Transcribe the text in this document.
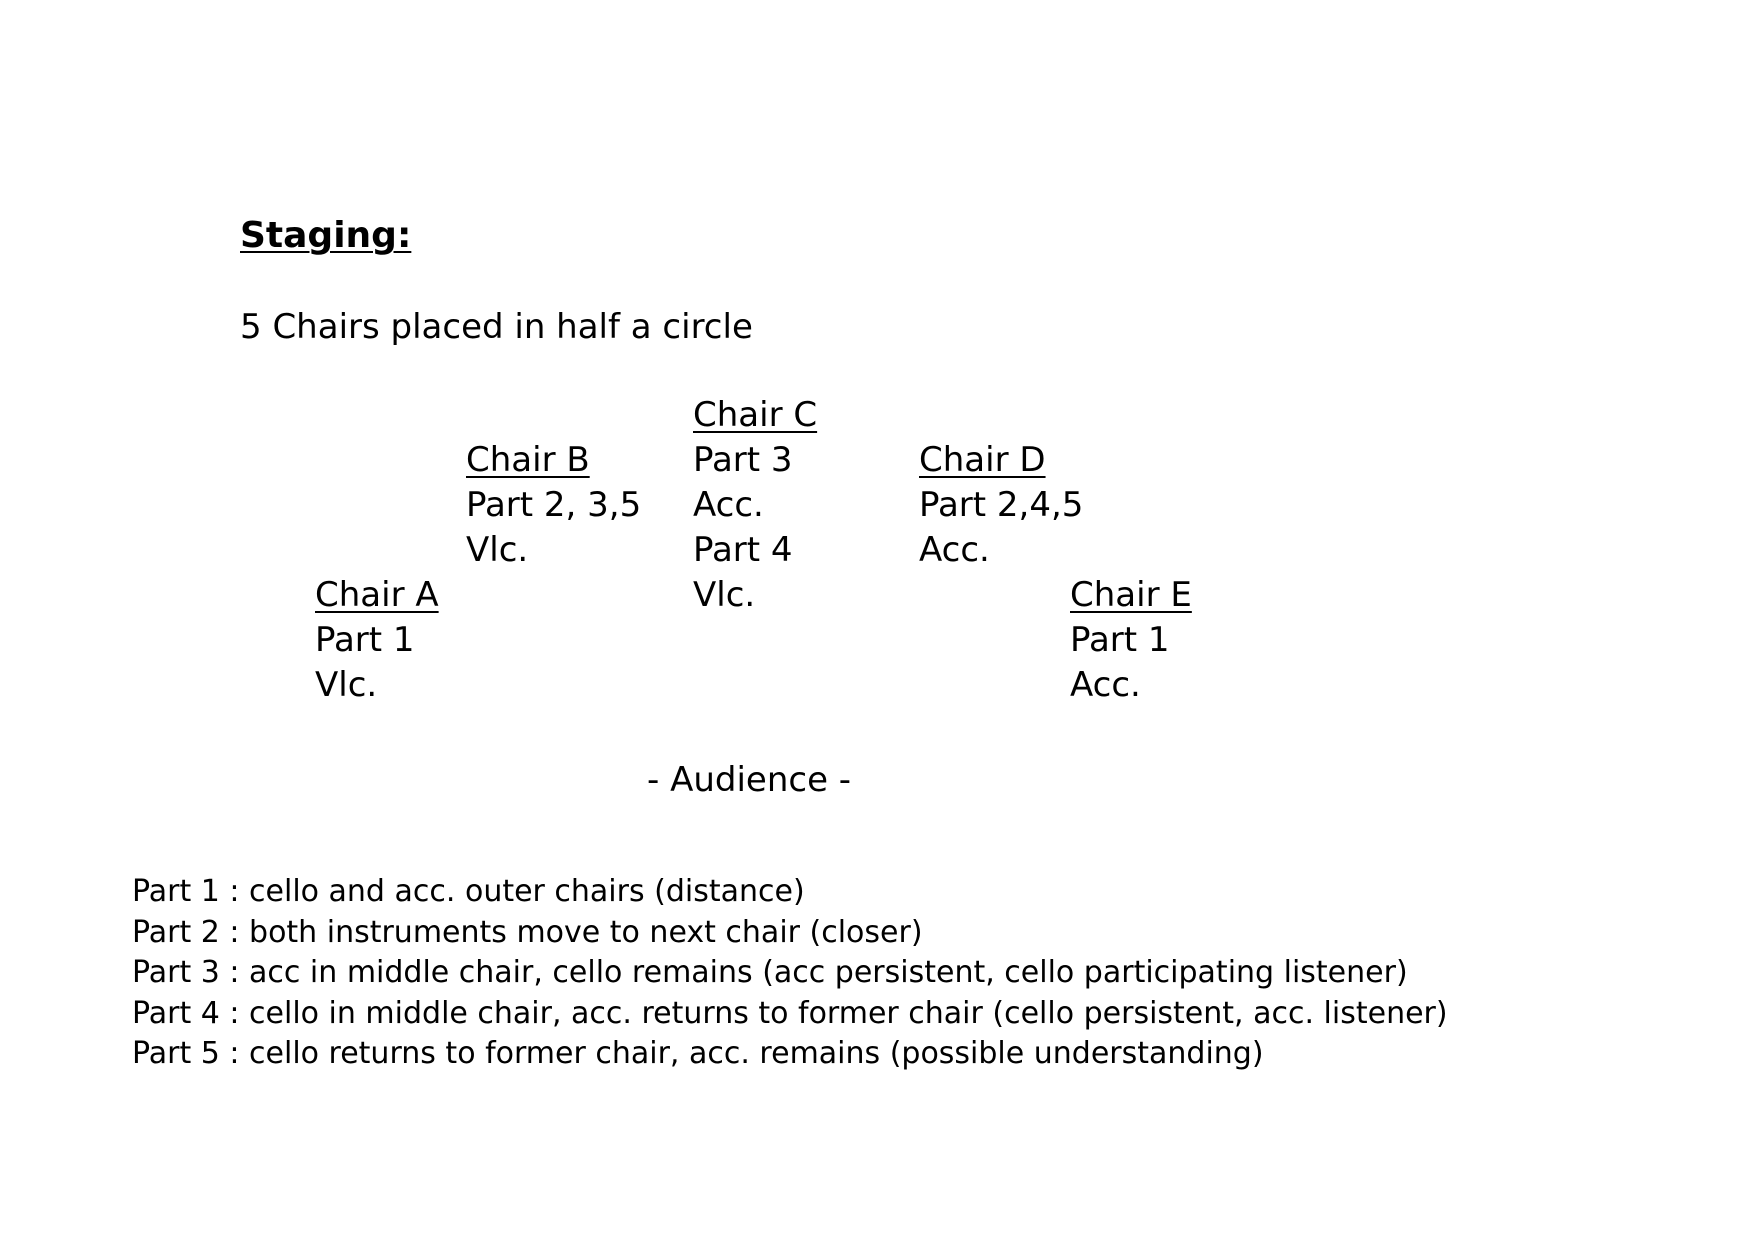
Staging:
5 Chairs placed in half a circle
Chair A
Part 1
Vlc.
Chair B
Part 2, 3,5
Vlc.
Chair C
Part 3
Acc.
Part 4
Vlc.
Chair D
Part 2,4,5
Acc.
Chair E
Part 1
Acc.
- Audience -
Part 1 : cello and acc. outer chairs (distance)
Part 2 : both instruments move to next chair (closer)
Part 3 : acc in middle chair, cello remains (acc persistent, cello participating listener)
Part 4 : cello in middle chair, acc. returns to former chair (cello persistent, acc. listener)
Part 5 : cello returns to former chair, acc. remains (possible understanding)
